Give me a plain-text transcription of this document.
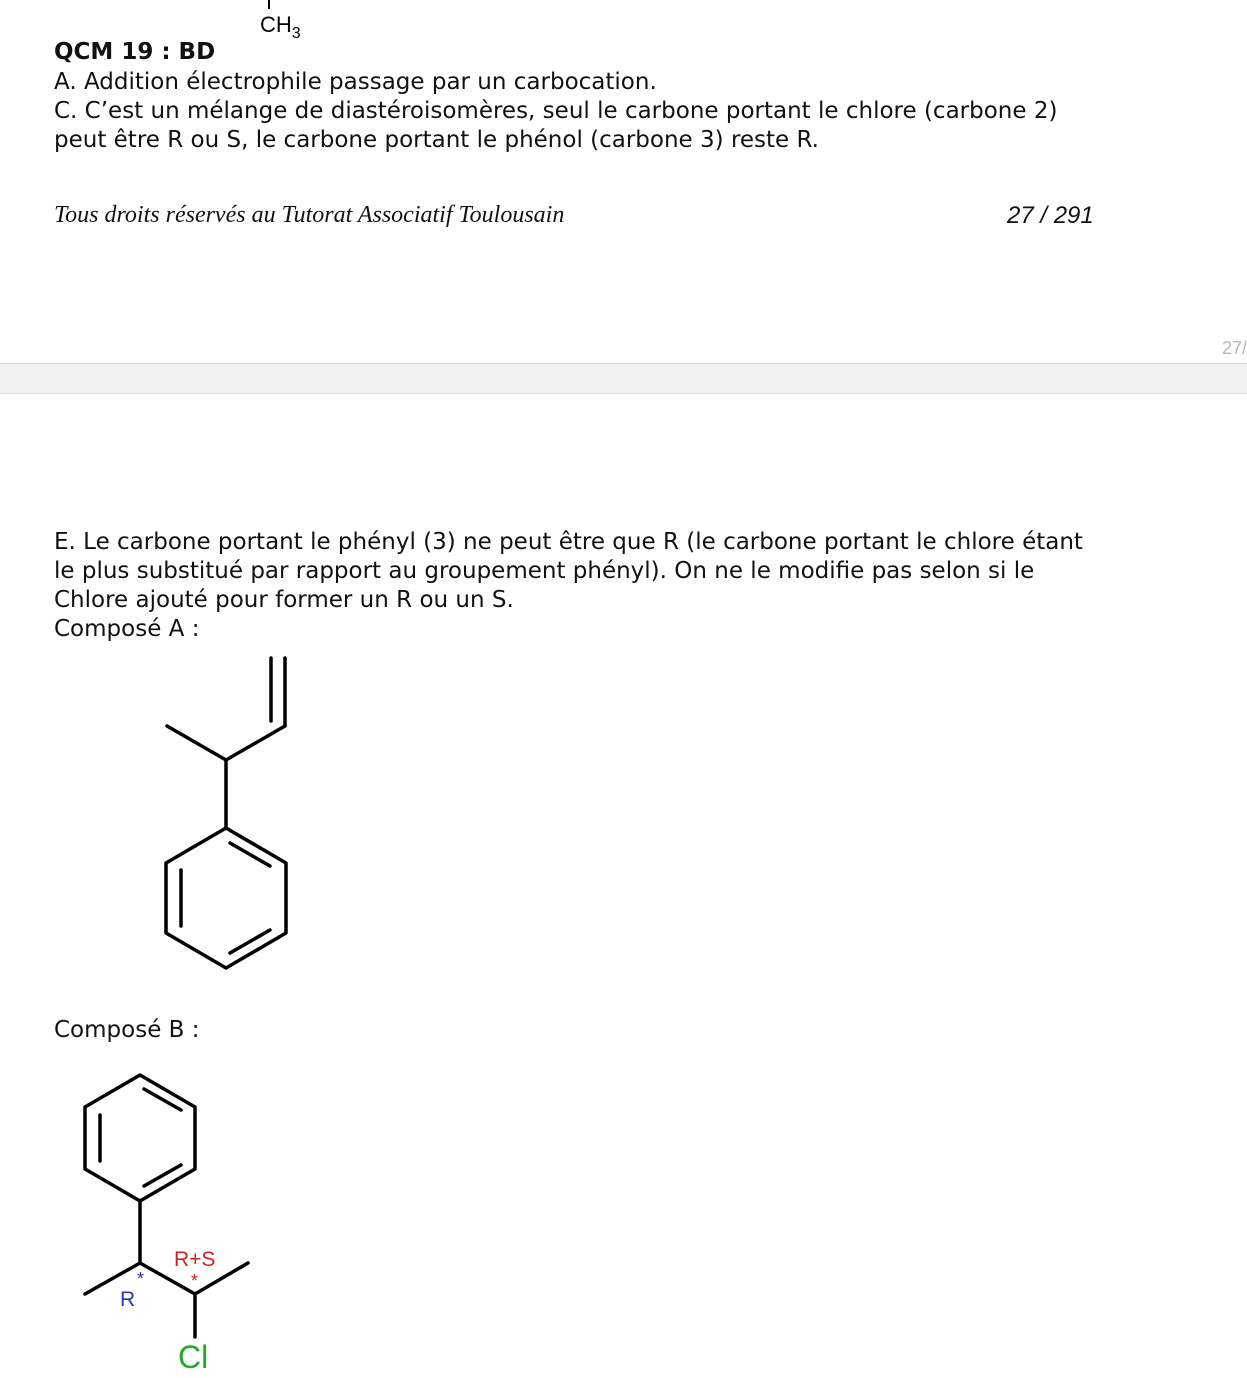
$CH_3$
QCM 19 : BD
A. Addition électrophile passage par un carbocation.
C. C’est un mélange de diastéroisomères, seul le carbone portant le chlore (carbone 2)
peut être R ou S, le carbone portant le phénol (carbone 3) reste R.
Tous droits réservés au Tutorat Associatif Toulousain	27 / 291
27/
E. Le carbone portant le phényl (3) ne peut être que R (le carbone portant le chlore étant
le plus substitué par rapport au groupement phényl). On ne le modifie pas selon si le
Chlore ajouté pour former un R ou un S.
Composé A :
Composé B :
R+S
*
*
R
Cl
